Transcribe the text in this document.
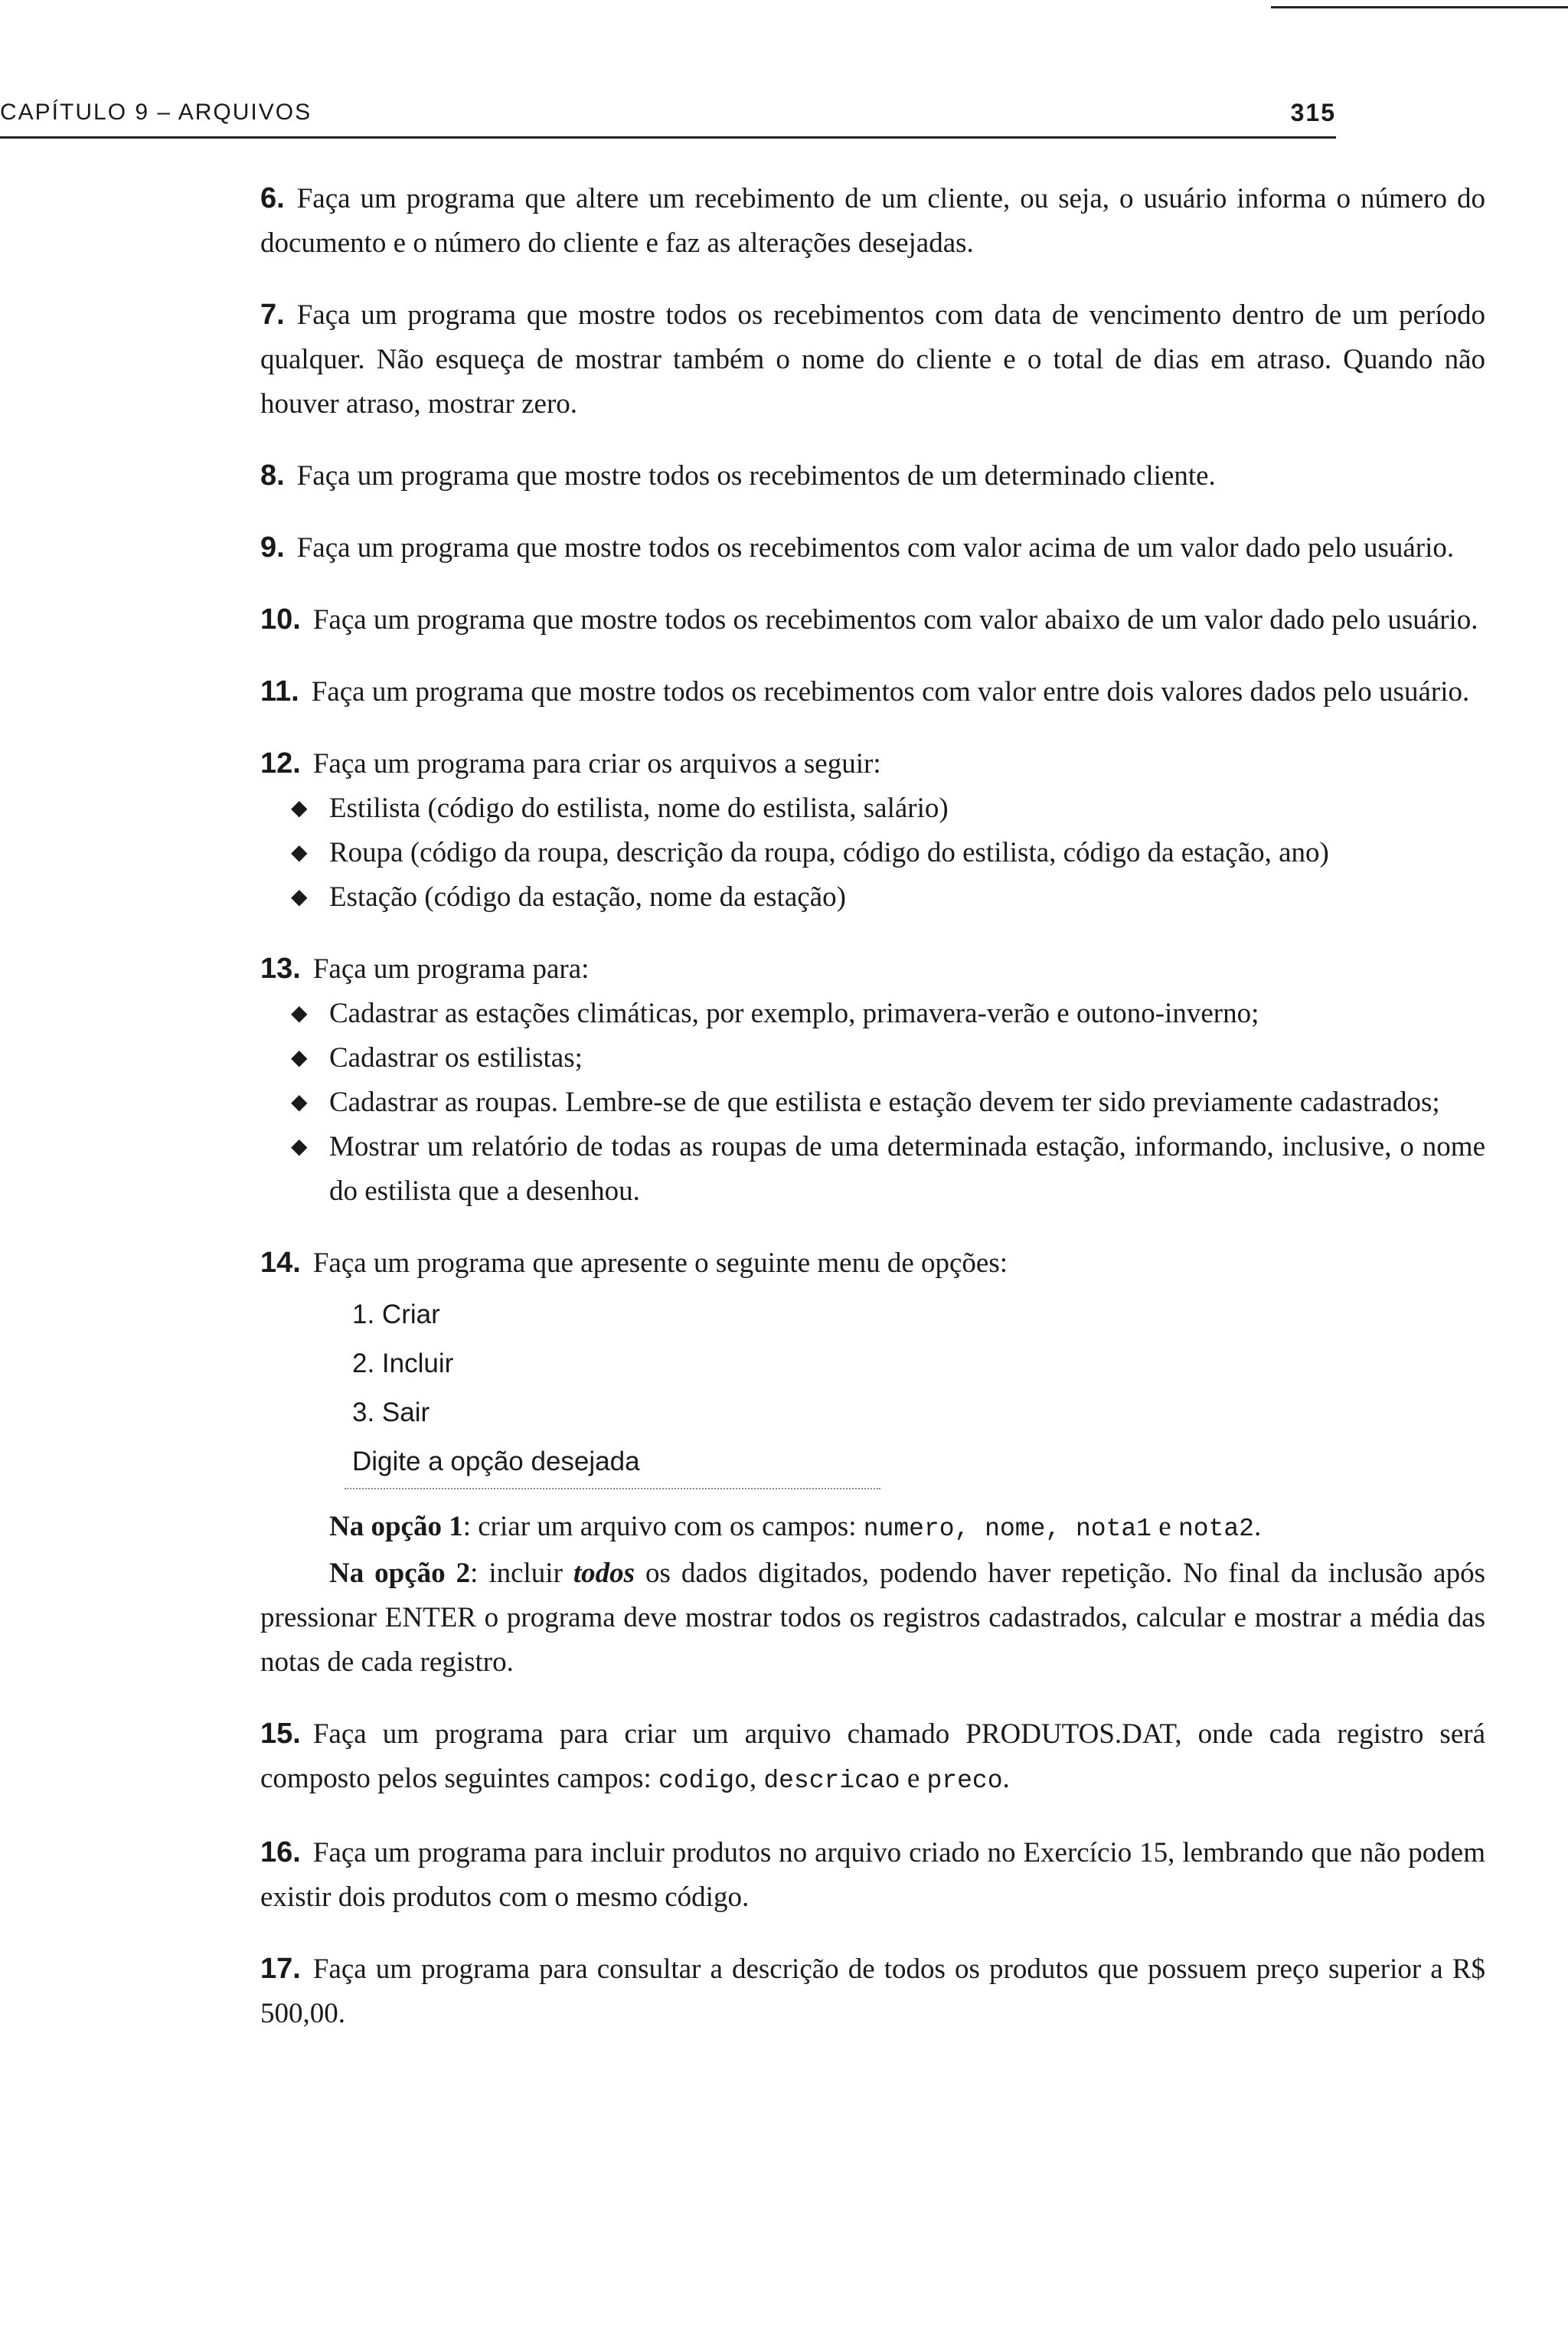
CAPÍTULO 9 – ARQUIVOS	315
6. Faça um programa que altere um recebimento de um cliente, ou seja, o usuário informa o número do documento e o número do cliente e faz as alterações desejadas.
7. Faça um programa que mostre todos os recebimentos com data de vencimento dentro de um período qualquer. Não esqueça de mostrar também o nome do cliente e o total de dias em atraso. Quando não houver atraso, mostrar zero.
8. Faça um programa que mostre todos os recebimentos de um determinado cliente.
9. Faça um programa que mostre todos os recebimentos com valor acima de um valor dado pelo usuário.
10. Faça um programa que mostre todos os recebimentos com valor abaixo de um valor dado pelo usuário.
11. Faça um programa que mostre todos os recebimentos com valor entre dois valores dados pelo usuário.
12. Faça um programa para criar os arquivos a seguir:
◆ Estilista (código do estilista, nome do estilista, salário)
◆ Roupa (código da roupa, descrição da roupa, código do estilista, código da estação, ano)
◆ Estação (código da estação, nome da estação)
13. Faça um programa para:
◆ Cadastrar as estações climáticas, por exemplo, primavera-verão e outono-inverno;
◆ Cadastrar os estilistas;
◆ Cadastrar as roupas. Lembre-se de que estilista e estação devem ter sido previamente cadastrados;
◆ Mostrar um relatório de todas as roupas de uma determinada estação, informando, inclusive, o nome do estilista que a desenhou.
14. Faça um programa que apresente o seguinte menu de opções:
1. Criar
2. Incluir
3. Sair
Digite a opção desejada
Na opção 1: criar um arquivo com os campos: numero, nome, nota1 e nota2.
Na opção 2: incluir todos os dados digitados, podendo haver repetição. No final da inclusão após pressionar ENTER o programa deve mostrar todos os registros cadastrados, calcular e mostrar a média das notas de cada registro.
15. Faça um programa para criar um arquivo chamado PRODUTOS.DAT, onde cada registro será composto pelos seguintes campos: codigo, descricao e preco.
16. Faça um programa para incluir produtos no arquivo criado no Exercício 15, lembrando que não podem existir dois produtos com o mesmo código.
17. Faça um programa para consultar a descrição de todos os produtos que possuem preço superior a R$ 500,00.
